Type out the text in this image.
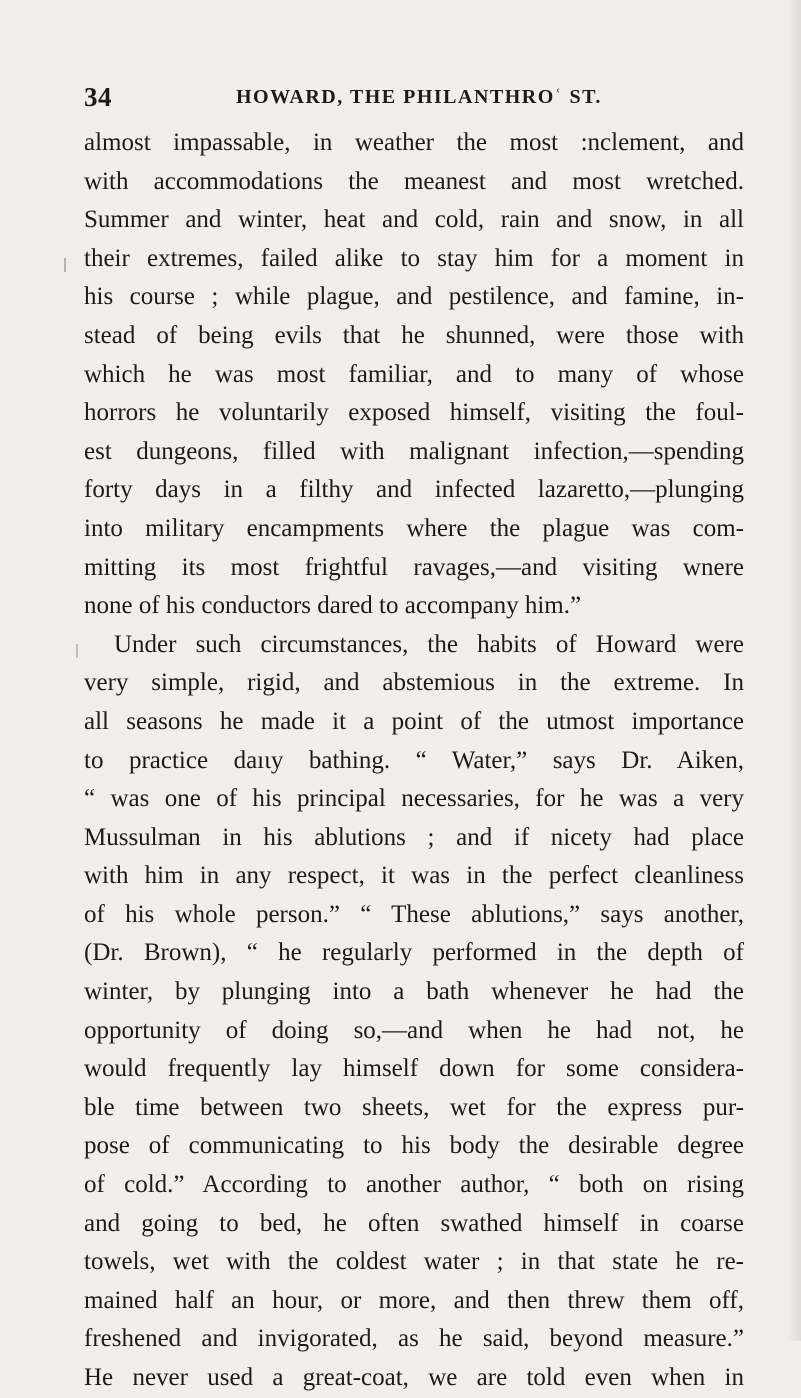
34	HOWARD, THE PHILANTHROʿ ST.
almost impassable, in weather the most :nclement, and
with accommodations the meanest and most wretched.
Summer and winter, heat and cold, rain and snow, in all
their extremes, failed alike to stay him for a moment in
his course ; while plague, and pestilence, and famine, in-
stead of being evils that he shunned, were those with
which he was most familiar, and to many of whose
horrors he voluntarily exposed himself, visiting the foul-
est dungeons, filled with malignant infection,—spending
forty days in a filthy and infected lazaretto,—plunging
into military encampments where the plague was com-
mitting its most frightful ravages,—and visiting wnere
none of his conductors dared to accompany him.”
Under such circumstances, the habits of Howard were
very simple, rigid, and abstemious in the extreme. In
all seasons he made it a point of the utmost importance
to practice daıɩy bathing. “ Water,” says Dr. Aiken,
“ was one of his principal necessaries, for he was a very
Mussulman in his ablutions ; and if nicety had place
with him in any respect, it was in the perfect cleanliness
of his whole person.” “ These ablutions,” says another,
(Dr. Brown), “ he regularly performed in the depth of
winter, by plunging into a bath whenever he had the
opportunity of doing so,—and when he had not, he
would frequently lay himself down for some considera-
ble time between two sheets, wet for the express pur-
pose of communicating to his body the desirable degree
of cold.” According to another author, “ both on rising
and going to bed, he often swathed himself in coarse
towels, wet with the coldest water ; in that state he re-
mained half an hour, or more, and then threw them off,
freshened and invigorated, as he said, beyond measure.”
He never used a great-coat, we are told even when in
